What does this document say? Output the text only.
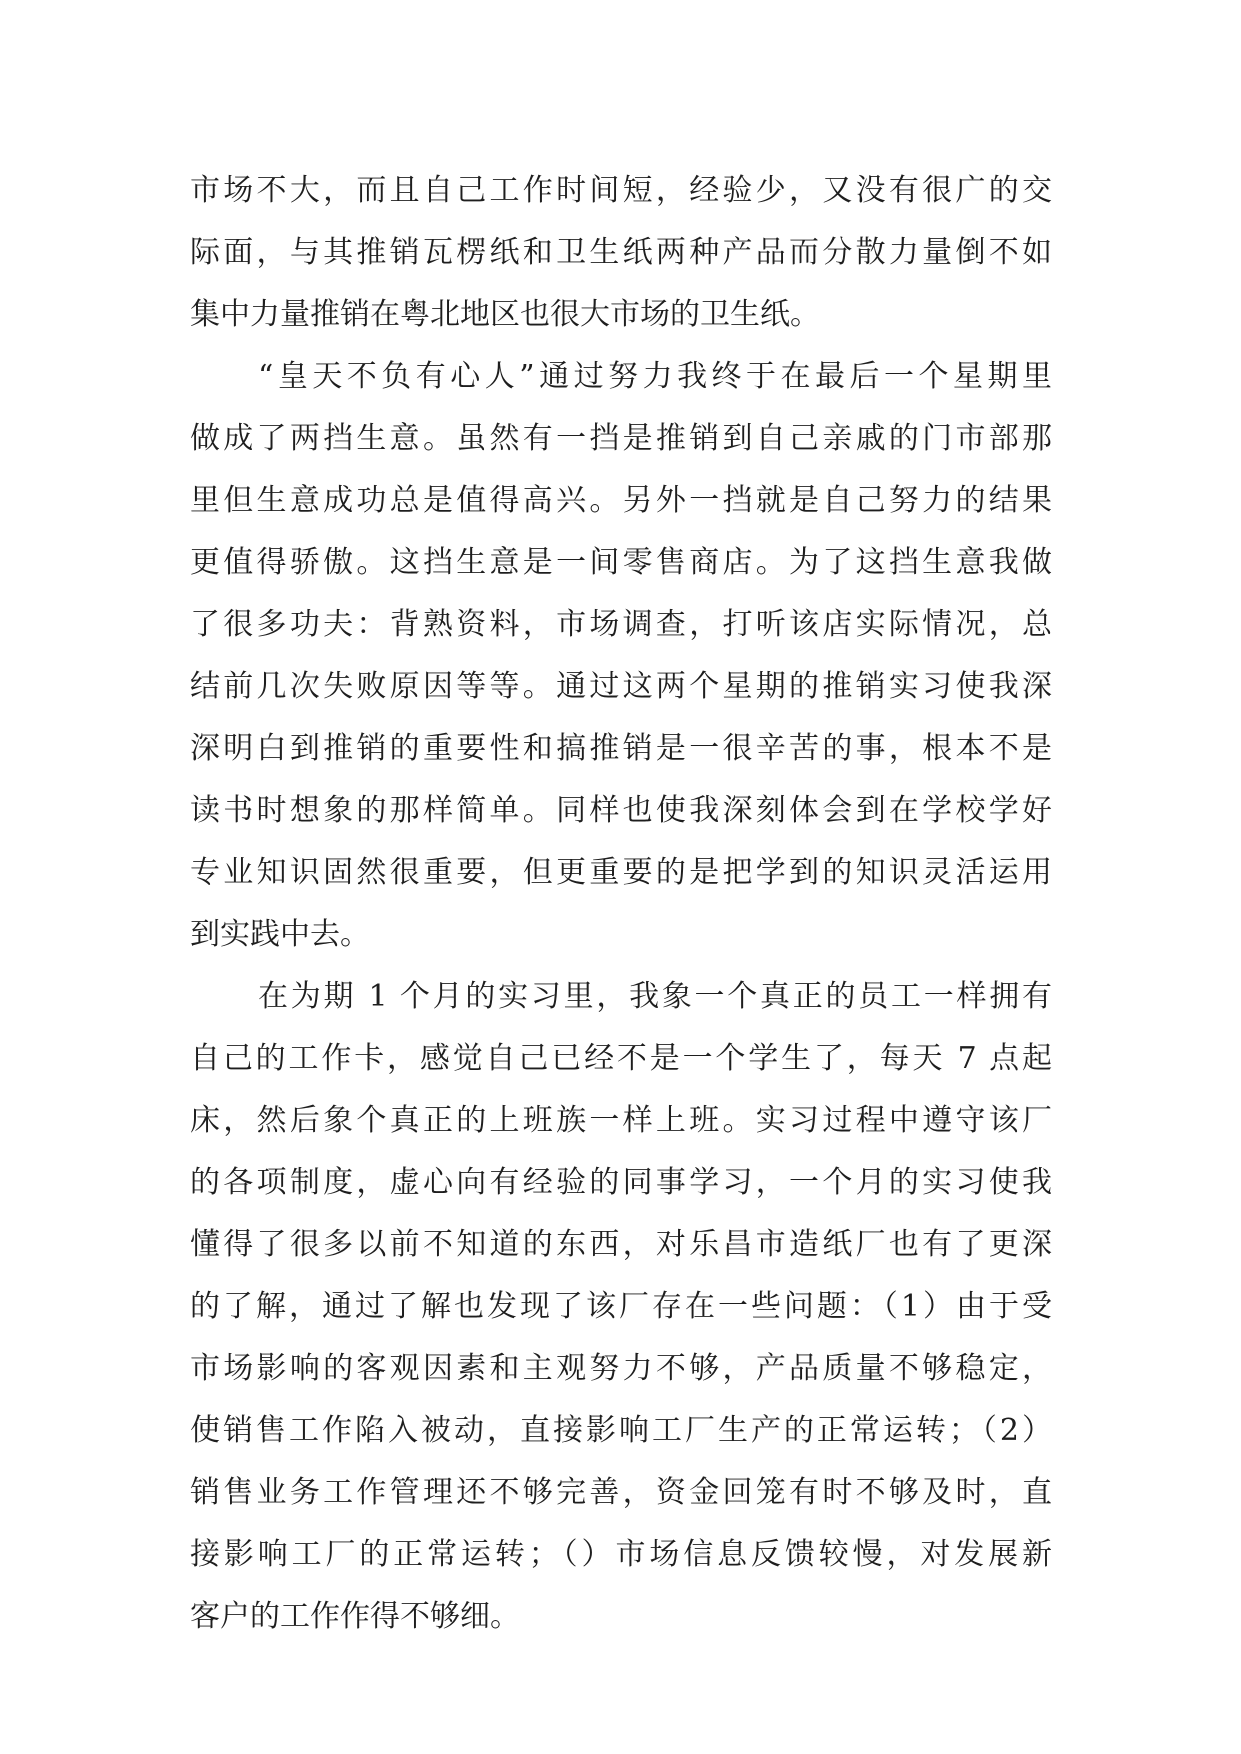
市场不大，而且自己工作时间短，经验少，又没有很广的交
际面，与其推销瓦楞纸和卫生纸两种产品而分散力量倒不如
集中力量推销在粤北地区也很大市场的卫生纸。
“皇天不负有心人”通过努力我终于在最后一个星期里
做成了两挡生意。虽然有一挡是推销到自己亲戚的门市部那
里但生意成功总是值得高兴。另外一挡就是自己努力的结果
更值得骄傲。这挡生意是一间零售商店。为了这挡生意我做
了很多功夫：背熟资料，市场调查，打听该店实际情况，总
结前几次失败原因等等。通过这两个星期的推销实习使我深
深明白到推销的重要性和搞推销是一很辛苦的事，根本不是
读书时想象的那样简单。同样也使我深刻体会到在学校学好
专业知识固然很重要，但更重要的是把学到的知识灵活运用
到实践中去。
在为期 1 个月的实习里，我象一个真正的员工一样拥有
自己的工作卡，感觉自己已经不是一个学生了，每天 7 点起
床，然后象个真正的上班族一样上班。实习过程中遵守该厂
的各项制度，虚心向有经验的同事学习，一个月的实习使我
懂得了很多以前不知道的东西，对乐昌市造纸厂也有了更深
的了解，通过了解也发现了该厂存在一些问题：（1）由于受
市场影响的客观因素和主观努力不够，产品质量不够稳定，
使销售工作陷入被动，直接影响工厂生产的正常运转；（2）
销售业务工作管理还不够完善，资金回笼有时不够及时，直
接影响工厂的正常运转；（）市场信息反馈较慢，对发展新
客户的工作作得不够细。
